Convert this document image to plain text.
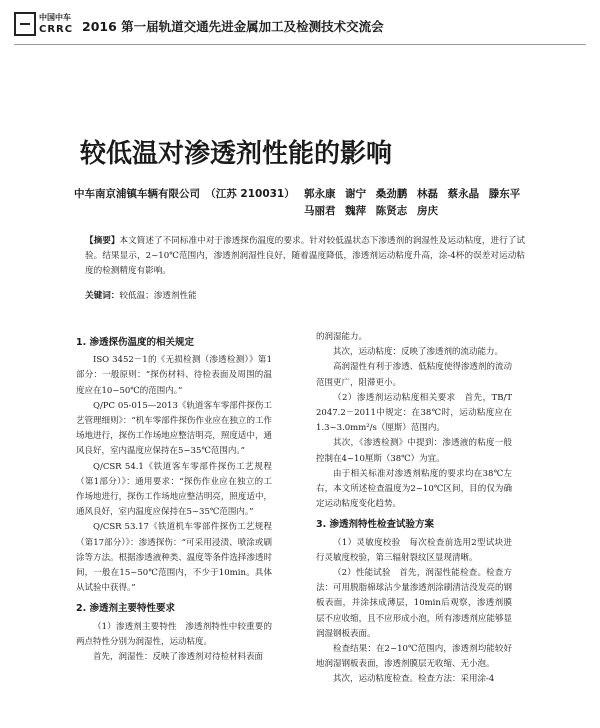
中国中车
CRRC 2016 第一届轨道交通先进金属加工及检测技术交流会
较低温对渗透剂性能的影响
中车南京浦镇车辆有限公司　（江苏 210031） 郭永康 谢宁 桑劲鹏 林磊 蔡永晶 滕东平 马丽君 魏萍 陈贤志 房庆
【摘要】本文简述了不同标准中对于渗透探伤温度的要求。针对较低温状态下渗透剂的润湿性及运动粘度，进行了试验。结果显示，2~10℃范围内，渗透剂润湿性良好，随着温度降低，渗透剂运动粘度升高，涂-4杯的误差对运动粘度的检测精度有影响。
关键词：较低温；渗透剂性能
1. 渗透探伤温度的相关规定

ISO 3452－1的《无损检测（渗透检测）》第1部分：一般原则：“探伤材料、待检表面及周围的温度应在10~50℃的范围内。”

Q/PC 05-015—2013《轨道客车零部件探伤工艺管理细则》：“机车零部件探伤作业应在独立的工作场地进行，探伤工作场地应整洁明亮，照度适中，通风良好，室内温度应保持在5~35℃范围内。”

Q/CSR 54.1《铁道客车零部件探伤工艺规程（第1部分）》：通用要求：“探伤作业应在独立的工作场地进行，探伤工作场地应整洁明亮，照度适中，通风良好，室内温度应保持在5~35℃范围内。”

Q/CSR 53.17《铁道机车零部件探伤工艺规程（第17部分）》：渗透探伤：“可采用浸渍、喷涂或刷涂等方法。根据渗透液种类、温度等条件选择渗透时间，一般在15~50℃范围内，不少于10min。具体从试验中获得。”

2. 渗透剂主要特性要求

（1）渗透剂主要特性　渗透剂特性中较重要的两点特性分别为润湿性，运动粘度。

首先，润湿性：反映了渗透剂对待检材料表面

的润湿能力。

其次，运动粘度：反映了渗透剂的流动能力。

高润湿性有利于渗透、低粘度使得渗透剂的流动范围更广，阻滞更小。

（2）渗透剂运动粘度相关要求　首先，TB/T 2047.2－2011中规定：在38℃时，运动粘度应在1.3~3.0mm²/s（厘斯）范围内。

其次，《渗透检测》中提到：渗透液的粘度一般控制在4~10厘斯（38℃）为宜。

由于相关标准对渗透剂粘度的要求均在38℃左右，本文所述检查温度为2~10℃区间，目的仅为确定运动粘度变化趋势。

3. 渗透剂特性检查试验方案

（1）灵敏度校验　每次检查前选用2型试块进行灵敏度校验，第三辐射裂纹区显现清晰。

（2）性能试验　首先，润湿性能检查。检查方法：可用脱脂棉球沾少量渗透剂涂刷清洁没发亮的钢板表面，并涂抹成薄层，10min后观察，渗透剂膜层不应收缩，且不应形成小泡，所有渗透剂应能够显润湿钢板表面。

检查结果：在2~10℃范围内，渗透剂均能较好地润湿钢板表面，渗透剂膜层无收缩、无小泡。

其次，运动粘度检查。检查方法：采用涂-4
